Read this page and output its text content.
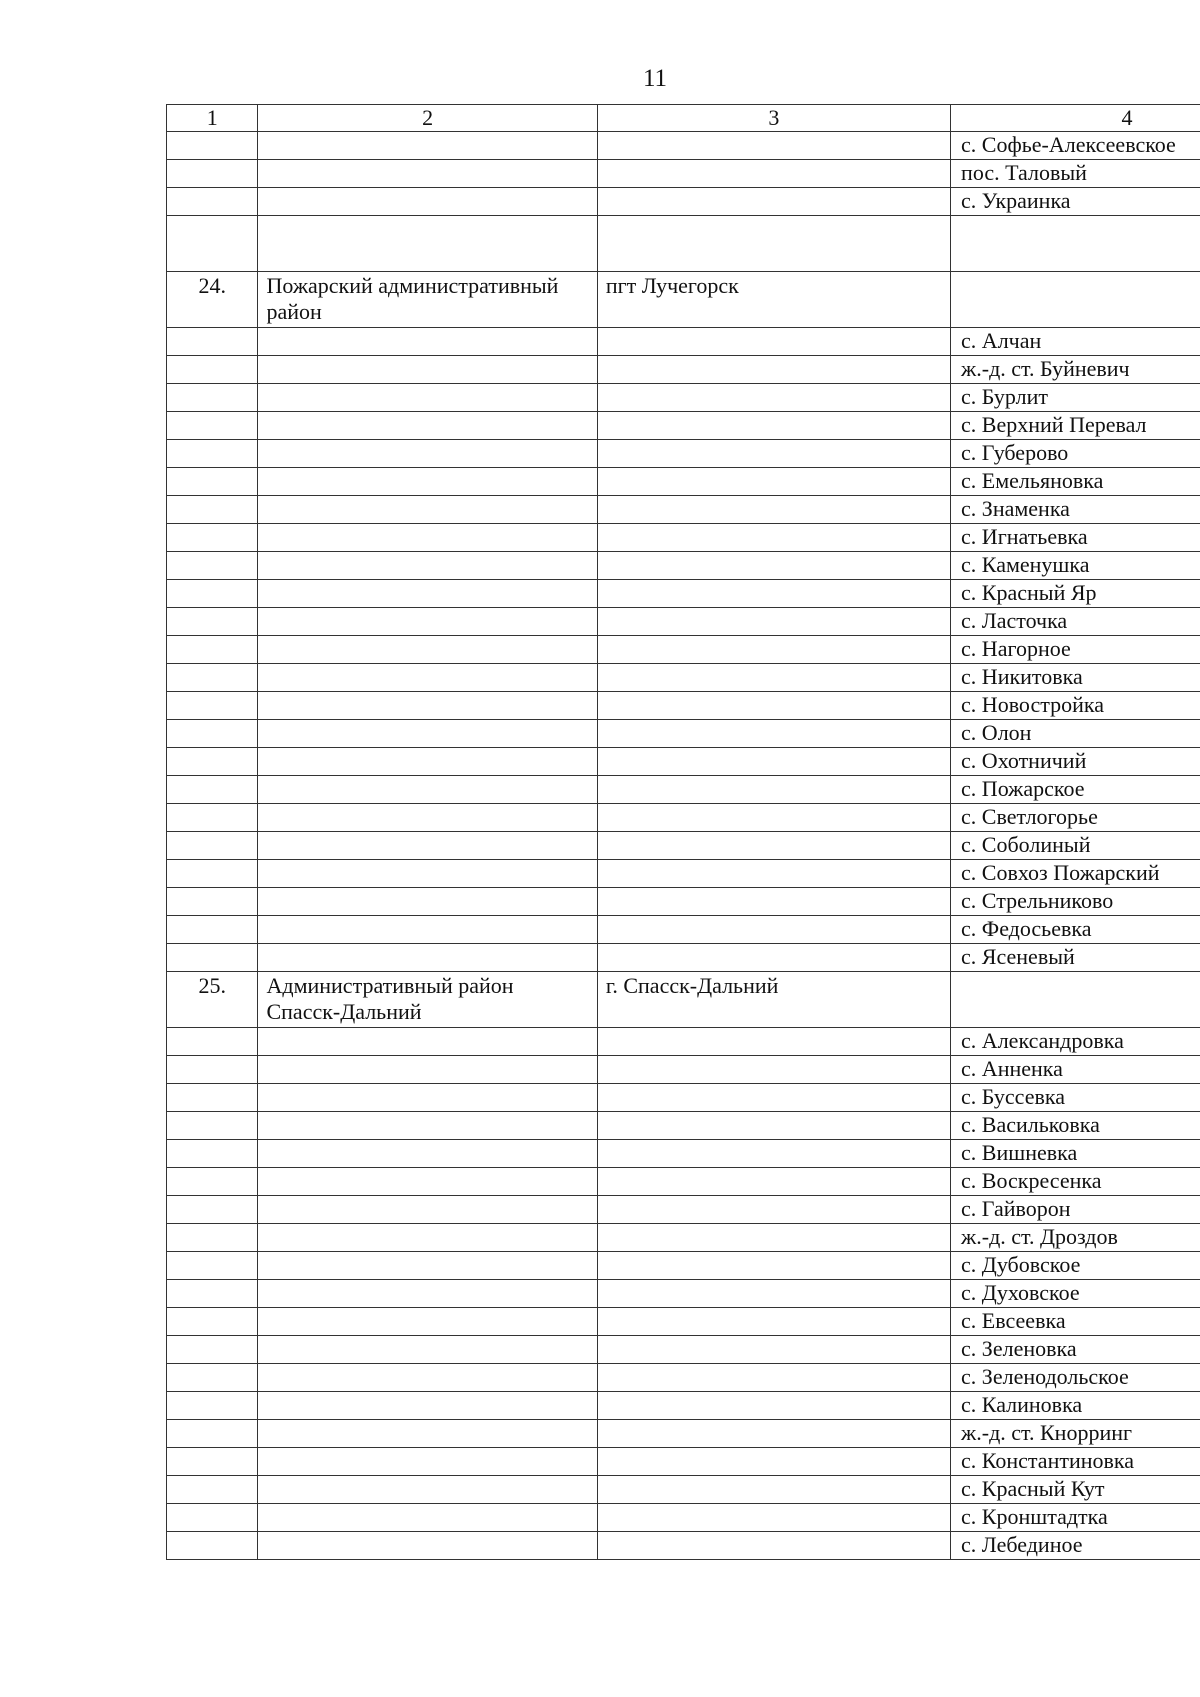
11
1	2	3	4
			с. Софье-Алексеевское
			пос. Таловый
			с. Украинка

24.	Пожарский административный район	пгт Лучегорск	
			с. Алчан
			ж.-д. ст. Буйневич
			с. Бурлит
			с. Верхний Перевал
			с. Губерово
			с. Емельяновка
			с. Знаменка
			с. Игнатьевка
			с. Каменушка
			с. Красный Яр
			с. Ласточка
			с. Нагорное
			с. Никитовка
			с. Новостройка
			с. Олон
			с. Охотничий
			с. Пожарское
			с. Светлогорье
			с. Соболиный
			с. Совхоз Пожарский
			с. Стрельниково
			с. Федосьевка
			с. Ясеневый
25.	Административный район Спасск-Дальний	г. Спасск-Дальний	
			с. Александровка
			с. Анненка
			с. Буссевка
			с. Васильковка
			с. Вишневка
			с. Воскресенка
			с. Гайворон
			ж.-д. ст. Дроздов
			с. Дубовское
			с. Духовское
			с. Евсеевка
			с. Зеленовка
			с. Зеленодольское
			с. Калиновка
			ж.-д. ст. Кнорринг
			с. Константиновка
			с. Красный Кут
			с. Кронштадтка
			с. Лебединое
